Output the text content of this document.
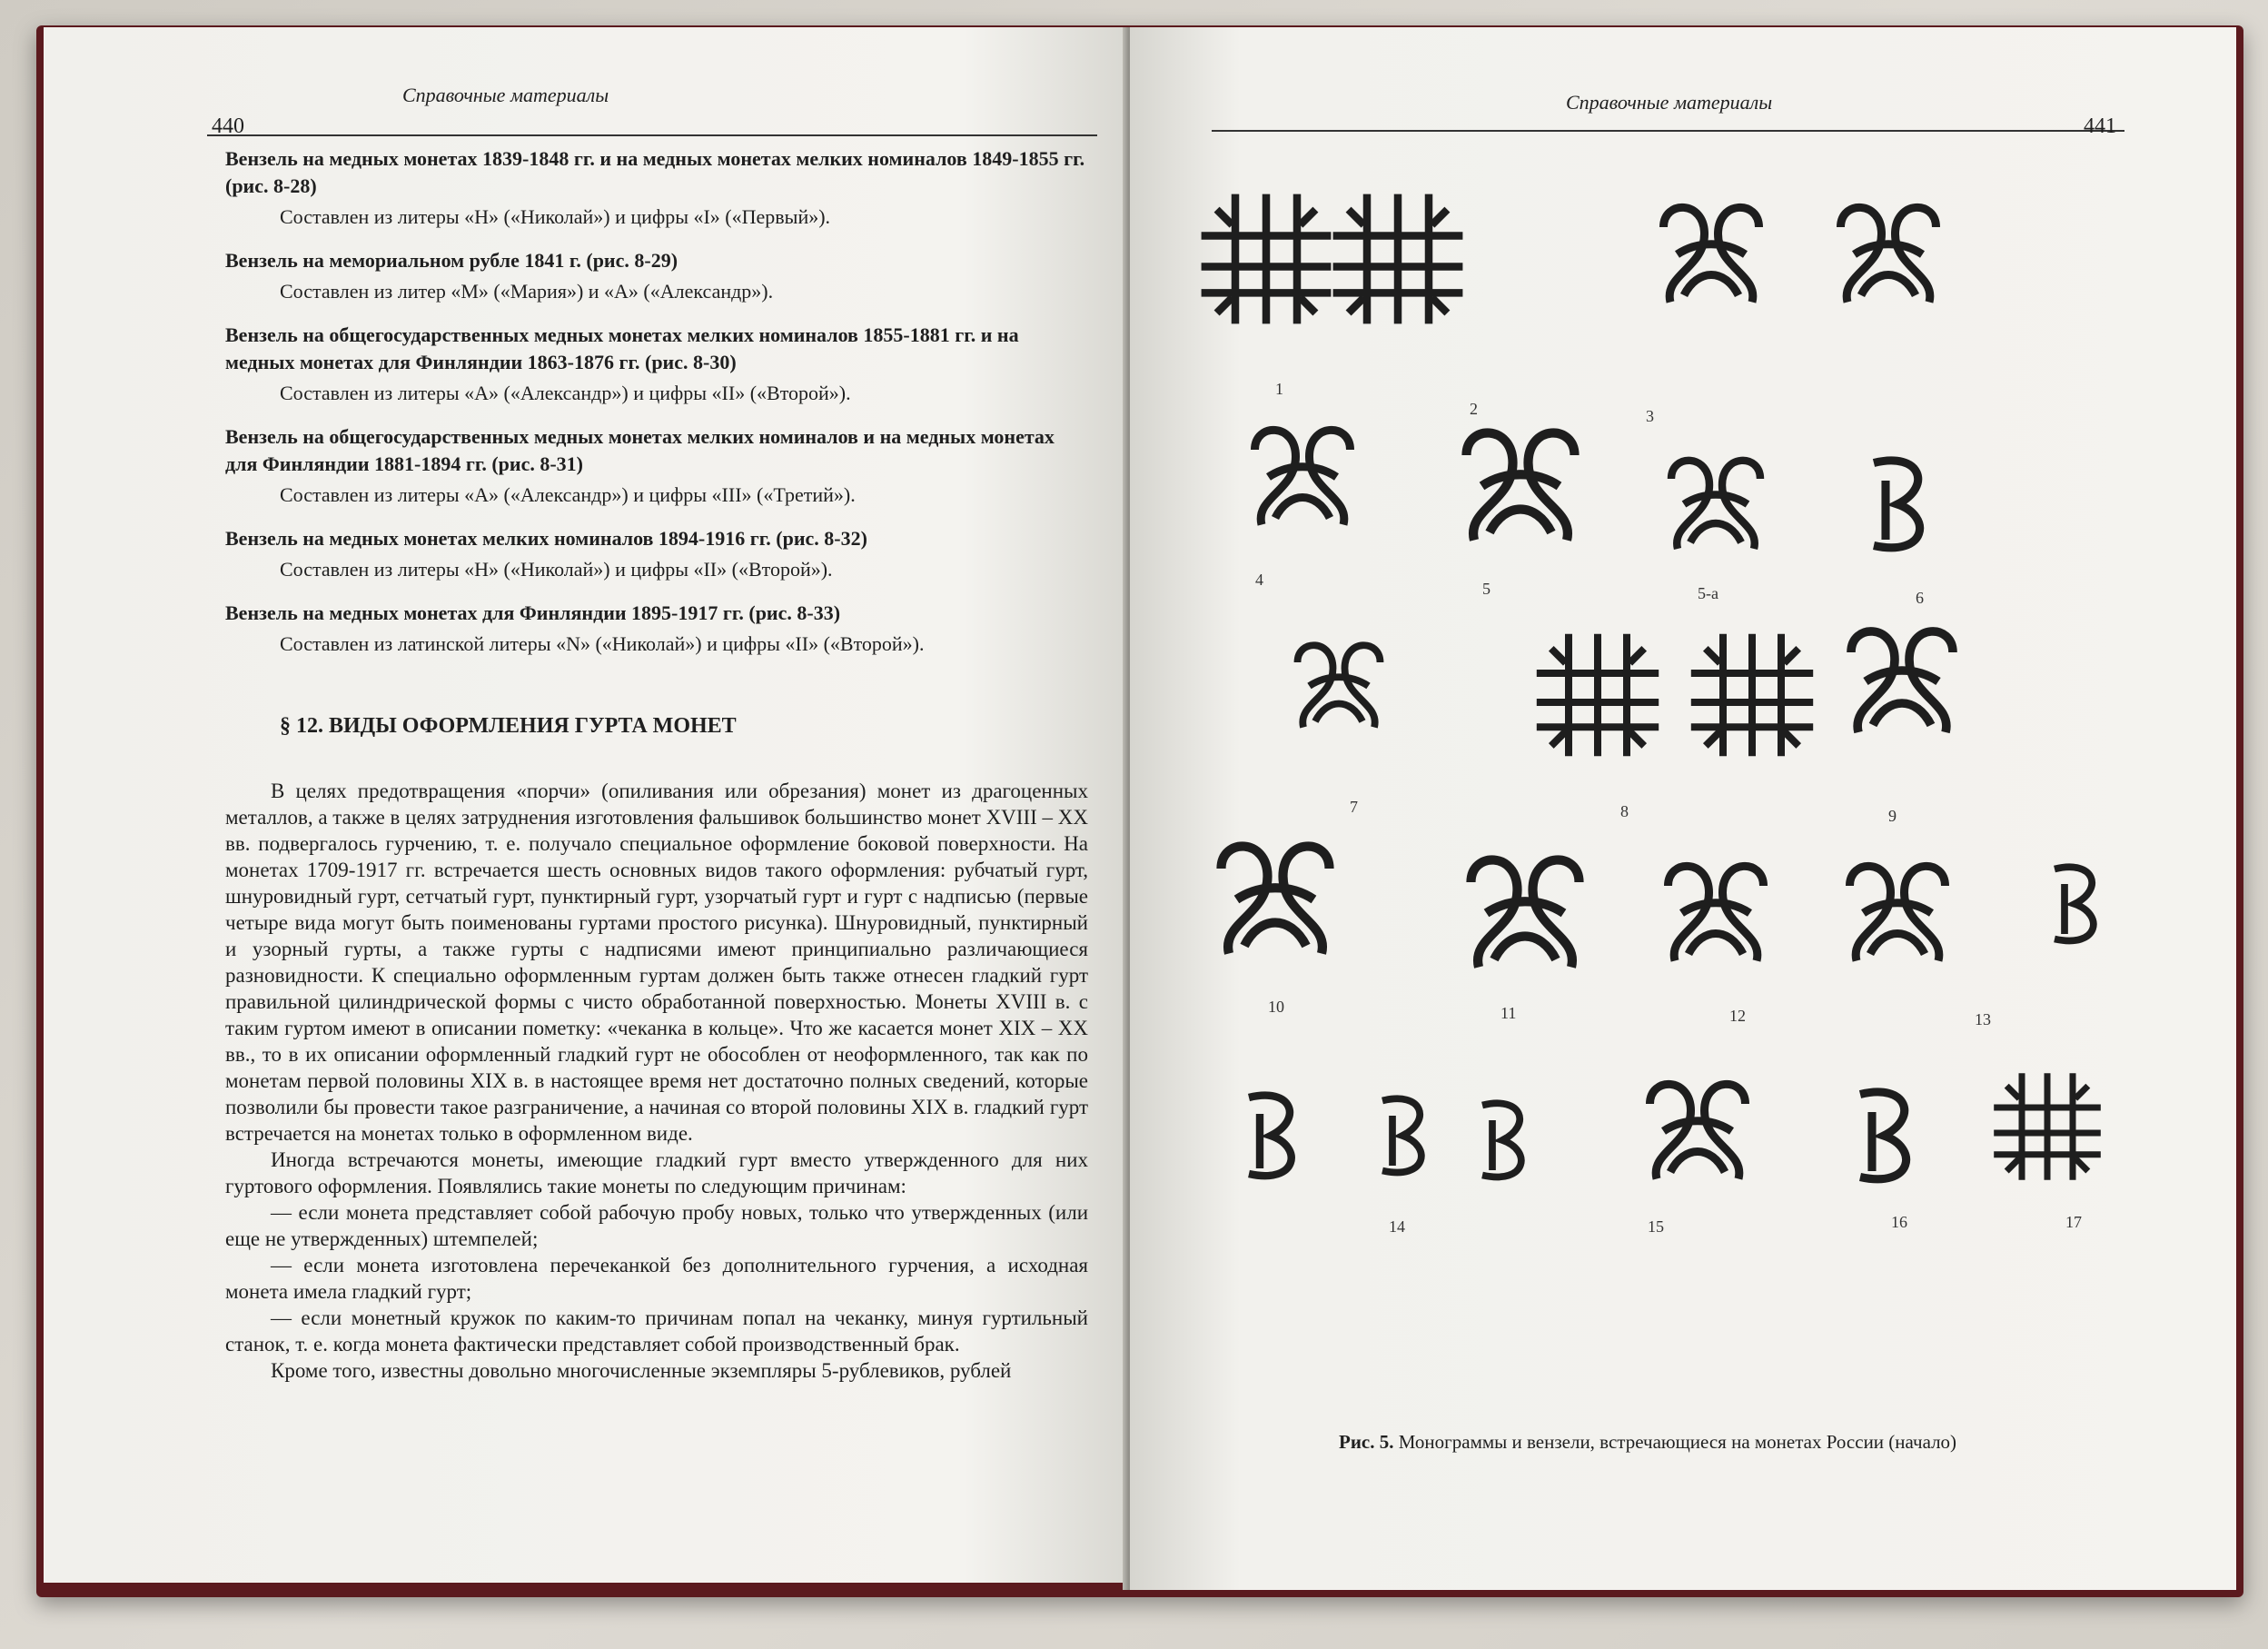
Справочные материалы
440
Вензель на медных монетах 1839-1848 гг. и на медных монетах мелких номиналов 1849-1855 гг. (рис. 8-28)
Составлен из литеры «Н» («Николай») и цифры «I» («Первый»).
Вензель на мемориальном рубле 1841 г. (рис. 8-29)
Составлен из литер «М» («Мария») и «А» («Александр»).
Вензель на общегосударственных медных монетах мелких номиналов 1855-1881 гг. и на медных монетах для Финляндии 1863-1876 гг. (рис. 8-30)
Составлен из литеры «А» («Александр») и цифры «II» («Второй»).
Вензель на общегосударственных медных монетах мелких номиналов и на медных монетах для Финляндии 1881-1894 гг. (рис. 8-31)
Составлен из литеры «А» («Александр») и цифры «III» («Третий»).
Вензель на медных монетах мелких номиналов 1894-1916 гг. (рис. 8-32)
Составлен из литеры «Н» («Николай») и цифры «II» («Второй»).
Вензель на медных монетах для Финляндии 1895-1917 гг. (рис. 8-33)
Составлен из латинской литеры «N» («Николай») и цифры «II» («Второй»).
§ 12. ВИДЫ ОФОРМЛЕНИЯ ГУРТА МОНЕТ

В целях предотвращения «порчи» (опиливания или обрезания) монет из драгоценных металлов, а также в целях затруднения изготовления фальшивок большинство монет XVIII – XX вв. подвергалось гурчению, т. е. получало специальное оформление боковой поверхности. На монетах 1709-1917 гг. встречается шесть основных видов такого оформления: рубчатый гурт, шнуровидный гурт, сетчатый гурт, пунктирный гурт, узорчатый гурт и гурт с надписью (первые четыре вида могут быть поименованы гуртами простого рисунка). Шнуровидный, пунктирный и узорный гурты, а также гурты с надписями имеют принципиально различающиеся разновидности. К специально оформленным гуртам должен быть также отнесен гладкий гурт правильной цилиндрической формы с чисто обработанной поверхностью. Монеты XVIII в. с таким гуртом имеют в описании пометку: «чеканка в кольце». Что же касается монет XIX – XX вв., то в их описании оформленный гладкий гурт не обособлен от неоформленного, так как по монетам первой половины XIX в. в настоящее время нет достаточно полных сведений, которые позволили бы провести такое разграничение, а начиная со второй половины XIX в. гладкий гурт встречается на монетах только в оформленном виде.

Иногда встречаются монеты, имеющие гладкий гурт вместо утвержденного для них гуртового оформления. Появлялись такие монеты по следующим причинам:

— если монета представляет собой рабочую пробу новых, только что утвержденных (или еще не утвержденных) штемпелей;

— если монета изготовлена перечеканкой без дополнительного гурчения, а исходная монета имела гладкий гурт;

— если монетный кружок по каким-то причинам попал на чеканку, минуя гуртильный станок, т. е. когда монета фактически представляет собой производственный брак.

Кроме того, известны довольно многочисленные экземпляры 5-рублевиков, рублей

Справочные материалы
441
1
2	3
4	5	5-а	6
7	8	9
10	11	12	13
14	15	16	17
Рис. 5. Монограммы и вензели, встречающиеся на монетах России (начало)
